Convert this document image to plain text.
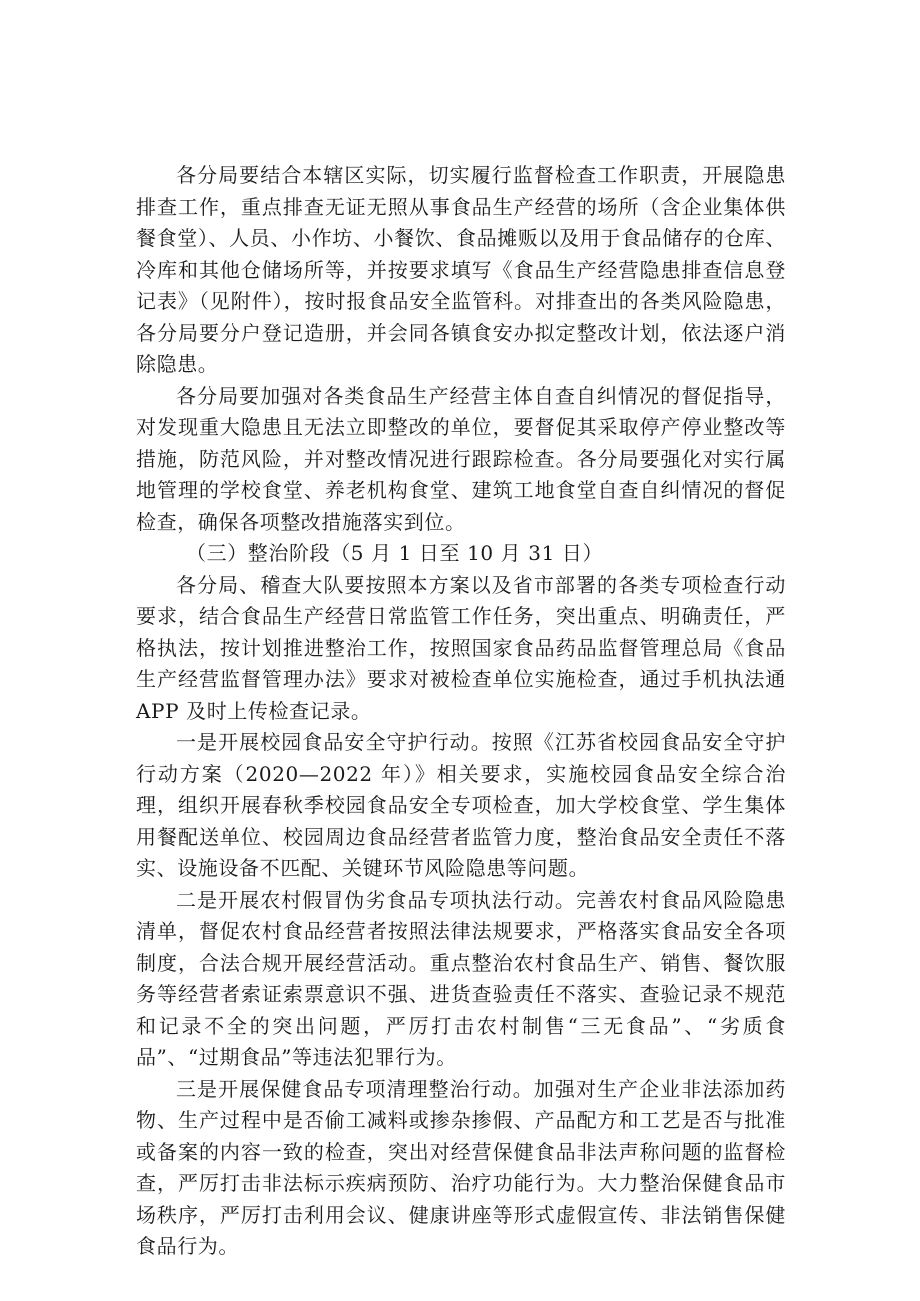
各分局要结合本辖区实际，切实履行监督检查工作职责，开展隐患排查工作，重点排查无证无照从事食品生产经营的场所（含企业集体供餐食堂）、人员、小作坊、小餐饮、食品摊贩以及用于食品储存的仓库、冷库和其他仓储场所等，并按要求填写《食品生产经营隐患排查信息登记表》（见附件），按时报食品安全监管科。对排查出的各类风险隐患，各分局要分户登记造册，并会同各镇食安办拟定整改计划，依法逐户消除隐患。

各分局要加强对各类食品生产经营主体自查自纠情况的督促指导，对发现重大隐患且无法立即整改的单位，要督促其采取停产停业整改等措施，防范风险，并对整改情况进行跟踪检查。各分局要强化对实行属地管理的学校食堂、养老机构食堂、建筑工地食堂自查自纠情况的督促检查，确保各项整改措施落实到位。

（三）整治阶段（5 月 1 日至 10 月 31 日）

各分局、稽查大队要按照本方案以及省市部署的各类专项检查行动要求，结合食品生产经营日常监管工作任务，突出重点、明确责任，严格执法，按计划推进整治工作，按照国家食品药品监督管理总局《食品生产经营监督管理办法》要求对被检查单位实施检查，通过手机执法通 APP 及时上传检查记录。

一是开展校园食品安全守护行动。按照《江苏省校园食品安全守护行动方案（2020—2022 年）》相关要求，实施校园食品安全综合治理，组织开展春秋季校园食品安全专项检查，加大学校食堂、学生集体用餐配送单位、校园周边食品经营者监管力度，整治食品安全责任不落实、设施设备不匹配、关键环节风险隐患等问题。

二是开展农村假冒伪劣食品专项执法行动。完善农村食品风险隐患清单，督促农村食品经营者按照法律法规要求，严格落实食品安全各项制度，合法合规开展经营活动。重点整治农村食品生产、销售、餐饮服务等经营者索证索票意识不强、进货查验责任不落实、查验记录不规范和记录不全的突出问题，严厉打击农村制售“三无食品”、“劣质食品”、“过期食品”等违法犯罪行为。

三是开展保健食品专项清理整治行动。加强对生产企业非法添加药物、生产过程中是否偷工减料或掺杂掺假、产品配方和工艺是否与批准或备案的内容一致的检查，突出对经营保健食品非法声称问题的监督检查，严厉打击非法标示疾病预防、治疗功能行为。大力整治保健食品市场秩序，严厉打击利用会议、健康讲座等形式虚假宣传、非法销售保健食品行为。
